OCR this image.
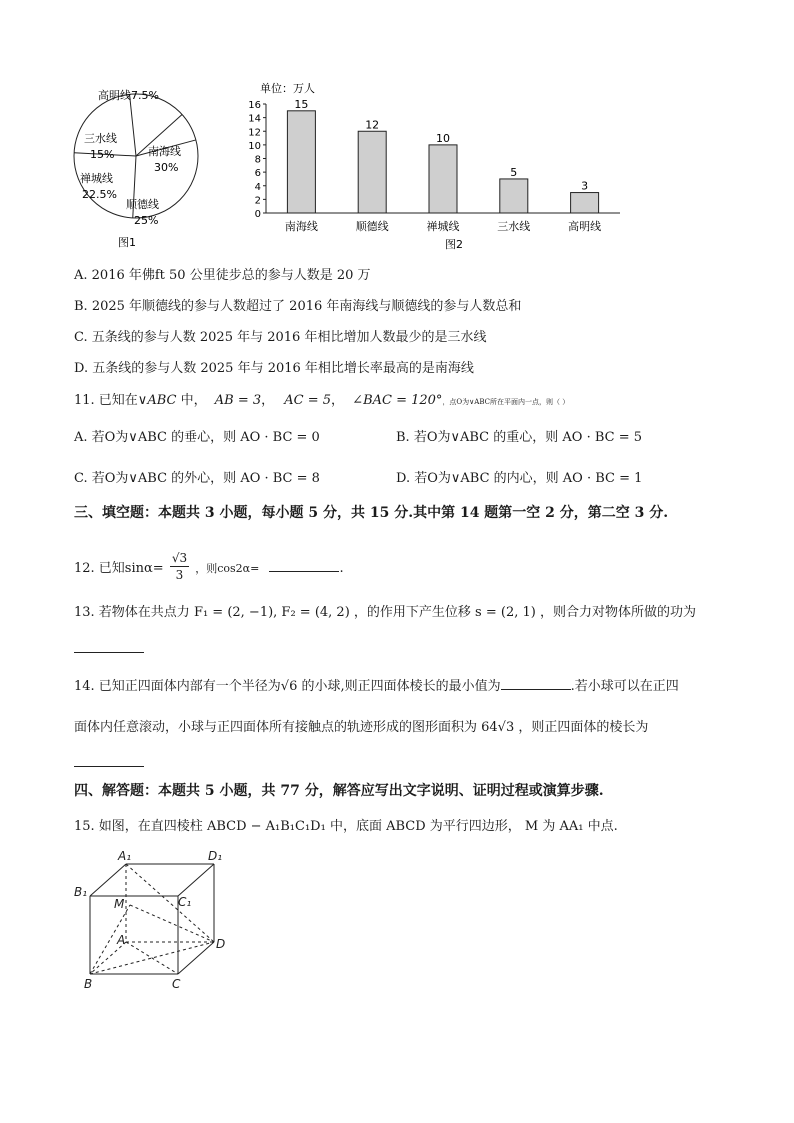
高明线7.5%
南海线
30%
三水线
15%
禅城线
22.5%
顺德线
25%
图1
单位：万人
16
14
12
10
8
6
4
2
0
15
南海线
12
顺德线
10
禅城线
5
三水线
3
高明线
图2
A. 2016 年佛ft 50 公里徒步总的参与人数是 20 万
B. 2025 年顺德线的参与人数超过了 2016 年南海线与顺德线的参与人数总和
C. 五条线的参与人数 2025 年与 2016 年相比增加人数最少的是三水线
D. 五条线的参与人数 2025 年与 2016 年相比增长率最高的是南海线
11. 已知在∨ABC 中， AB = 3， AC = 5， ∠BAC = 120°，点O为∨ABC所在平面内一点，则（ ）
A. 若O为∨ABC 的垂心，则 AO · BC = 0	B. 若O为∨ABC 的重心，则 AO · BC = 5
C. 若O为∨ABC 的外心，则 AO · BC = 8	D. 若O为∨ABC 的内心，则 AO · BC = 1
三、填空题：本题共 3 小题，每小题 5 分，共 15 分.其中第 14 题第一空 2 分，第二空 3 分.
12. 已知$\sin\alpha= \frac{√3}{3}$ ，则cos2α=	.
13. 若物体在共点力 F₁ = (2, −1), F₂ = (4, 2) ，的作用下产生位移 s = (2, 1) ，则合力对物体所做的功为
14. 已知正四面体内部有一个半径为√6 的小球,则正四面体棱长的最小值为	.若小球可以在正四
面体内任意滚动，小球与正四面体所有接触点的轨迹形成的图形面积为 64√3 ，则正四面体的棱长为
四、解答题：本题共 5 小题，共 77 分，解答应写出文字说明、证明过程或演算步骤.
15. 如图，在直四棱柱 ABCD − A₁B₁C₁D₁ 中，底面 ABCD 为平行四边形， M 为 AA₁ 中点.
A₁	D₁
B₁
C₁
M
A	D
B	C
